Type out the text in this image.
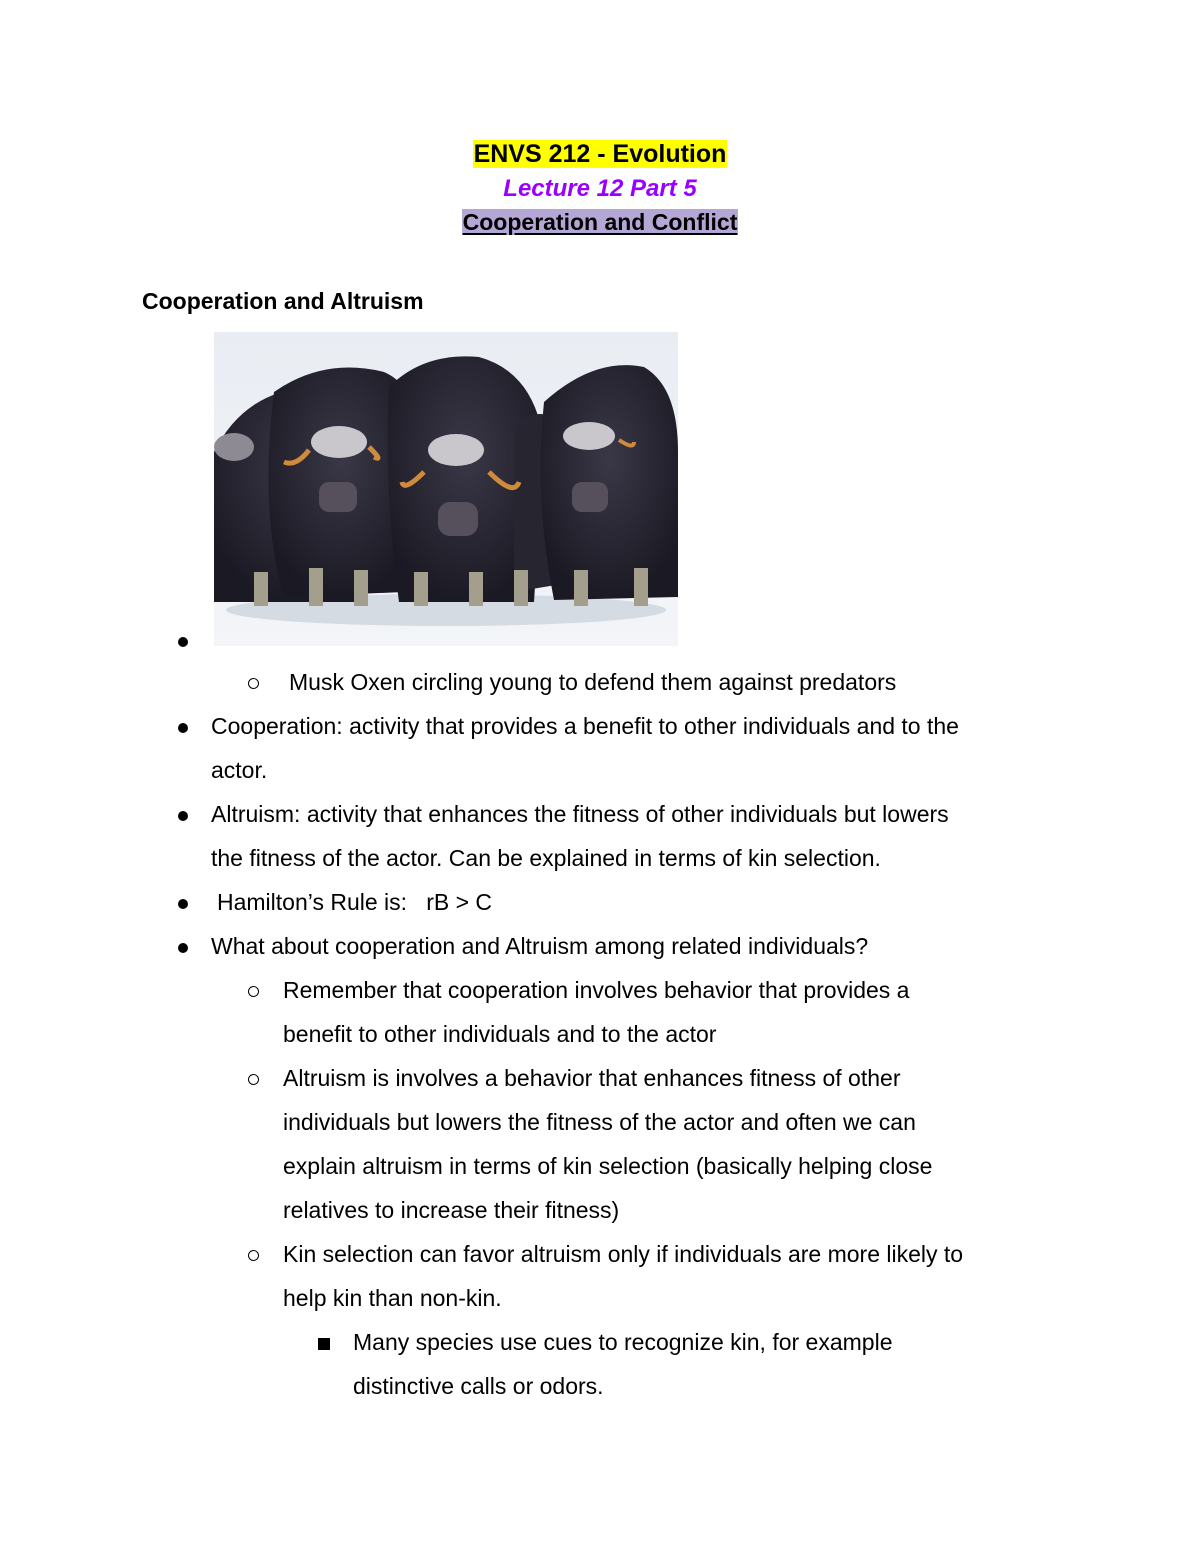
ENVS 212 - Evolution
Lecture 12 Part 5
Cooperation and Conflict
Cooperation and Altruism
Musk Oxen circling young to defend them against predators
Cooperation: activity that provides a benefit to other individuals and to the
actor.
Altruism: activity that enhances the fitness of other individuals but lowers
the fitness of the actor. Can be explained in terms of kin selection.
Hamilton’s Rule is:   rB > C
What about cooperation and Altruism among related individuals?
Remember that cooperation involves behavior that provides a
benefit to other individuals and to the actor
Altruism is involves a behavior that enhances fitness of other
individuals but lowers the fitness of the actor and often we can
explain altruism in terms of kin selection (basically helping close
relatives to increase their fitness)
Kin selection can favor altruism only if individuals are more likely to
help kin than non-kin.
Many species use cues to recognize kin, for example
distinctive calls or odors.
